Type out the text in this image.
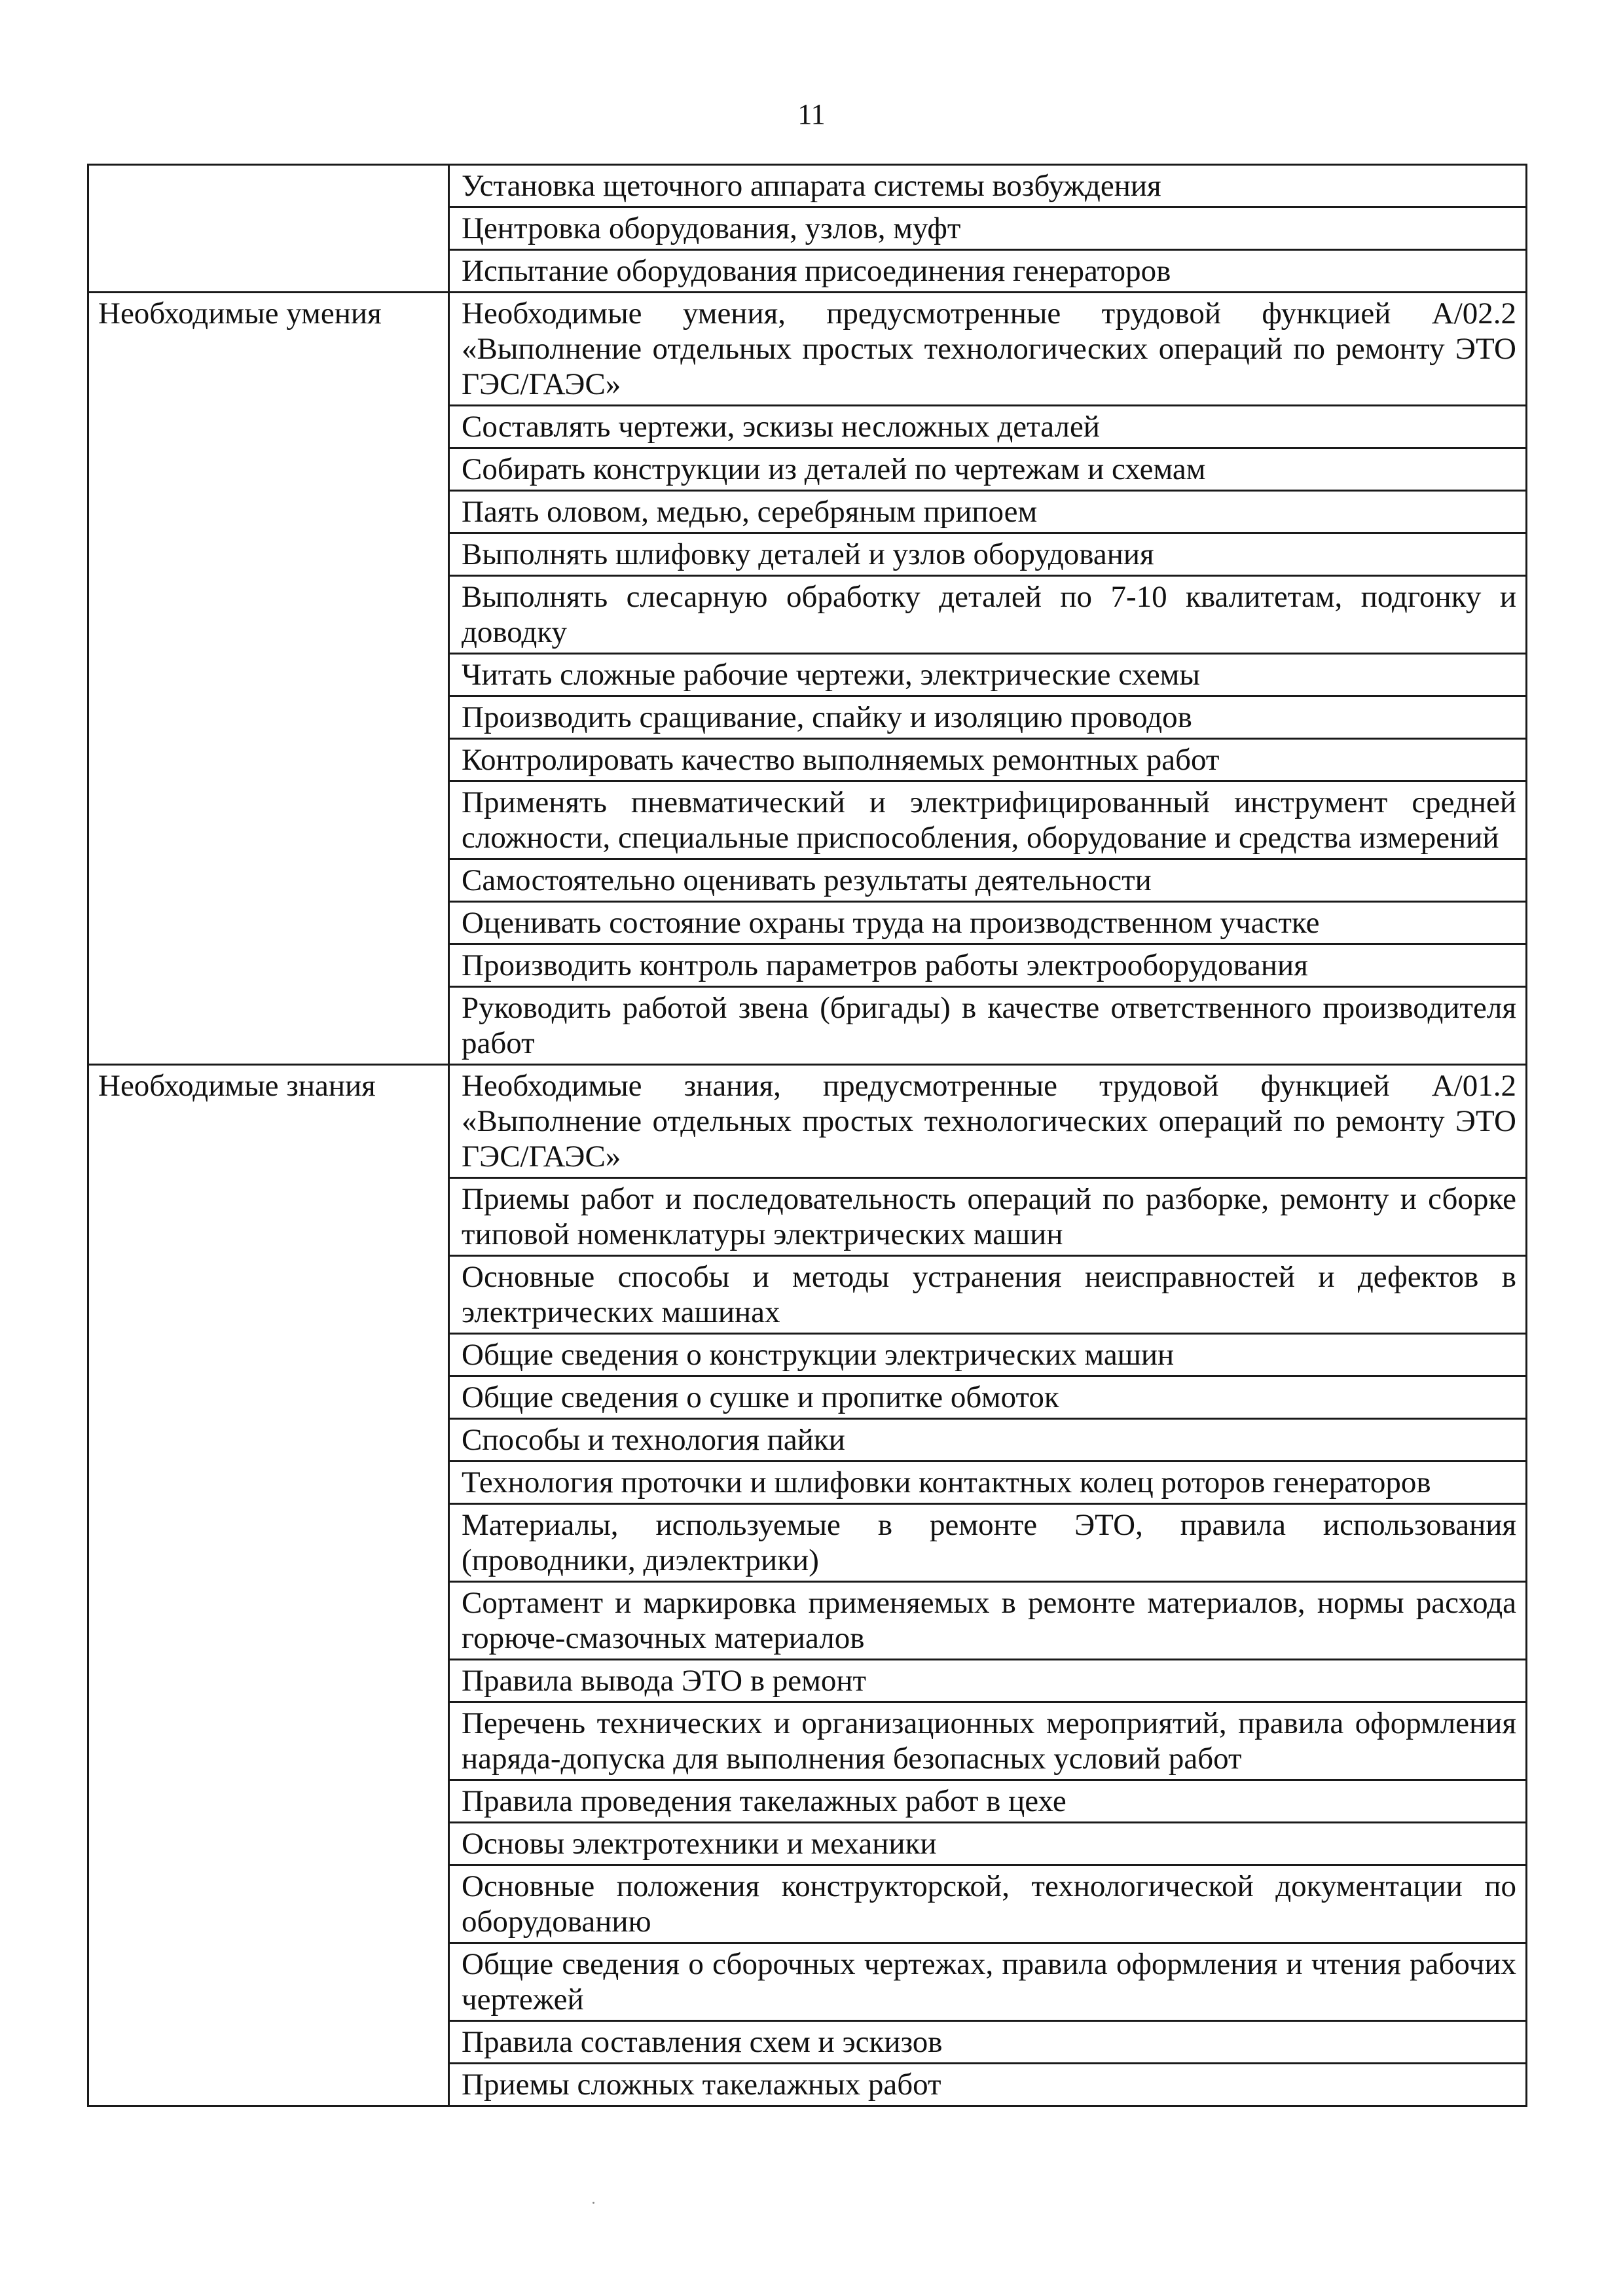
11
	Установка щеточного аппарата системы возбуждения
	Центровка оборудования, узлов, муфт
	Испытание оборудования присоединения генераторов
Необходимые умения	Необходимые умения, предусмотренные трудовой функцией А/02.2 «Выполнение отдельных простых технологических операций по ремонту ЭТО ГЭС/ГАЭС»
	Составлять чертежи, эскизы несложных деталей
	Собирать конструкции из деталей по чертежам и схемам
	Паять оловом, медью, серебряным припоем
	Выполнять шлифовку деталей и узлов оборудования
	Выполнять слесарную обработку деталей по 7-10 квалитетам, подгонку и доводку
	Читать сложные рабочие чертежи, электрические схемы
	Производить сращивание, спайку и изоляцию проводов
	Контролировать качество выполняемых ремонтных работ
	Применять пневматический и электрифицированный инструмент средней сложности, специальные приспособления, оборудование и средства измерений
	Самостоятельно оценивать результаты деятельности
	Оценивать состояние охраны труда на производственном участке
	Производить контроль параметров работы электрооборудования
	Руководить работой звена (бригады) в качестве ответственного производителя работ
Необходимые знания	Необходимые знания, предусмотренные трудовой функцией А/01.2 «Выполнение отдельных простых технологических операций по ремонту ЭТО ГЭС/ГАЭС»
	Приемы работ и последовательность операций по разборке, ремонту и сборке типовой номенклатуры электрических машин
	Основные способы и методы устранения неисправностей и дефектов в электрических машинах
	Общие сведения о конструкции электрических машин
	Общие сведения о сушке и пропитке обмоток
	Способы и технология пайки
	Технология проточки и шлифовки контактных колец роторов генераторов
	Материалы, используемые в ремонте ЭТО, правила использования (проводники, диэлектрики)
	Сортамент и маркировка применяемых в ремонте материалов, нормы расхода горюче-смазочных материалов
	Правила вывода ЭТО в ремонт
	Перечень технических и организационных мероприятий, правила оформления наряда-допуска для выполнения безопасных условий работ
	Правила проведения такелажных работ в цехе
	Основы электротехники и механики
	Основные положения конструкторской, технологической документации по оборудованию
	Общие сведения о сборочных чертежах, правила оформления и чтения рабочих чертежей
	Правила составления схем и эскизов
	Приемы сложных такелажных работ
